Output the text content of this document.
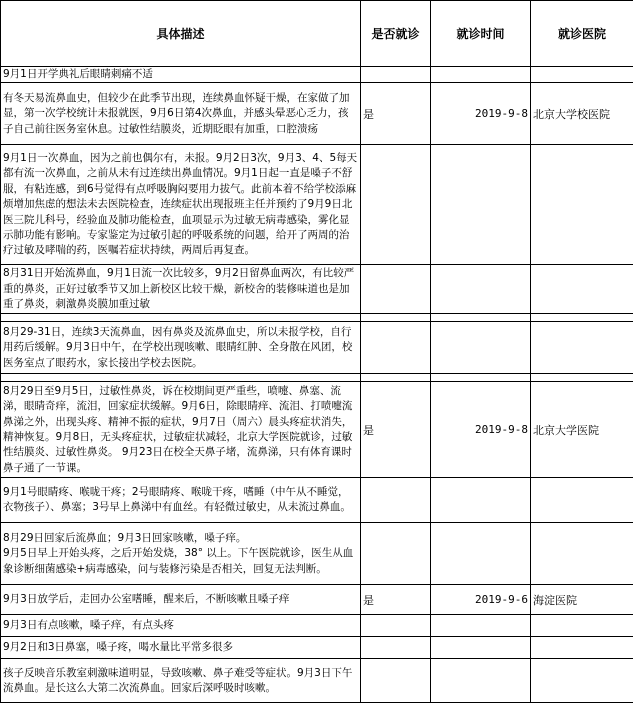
具体描述	是否就诊	就诊时间	就诊医院
9月1日开学典礼后眼睛刺痛不适			
有冬天易流鼻血史，但较少在此季节出现，连续鼻血怀疑干燥，在家做了加显，第一次学校统计未报就医，9月6日第4次鼻血，并感头晕恶心乏力，孩子自己前往医务室休息。过敏性结膜炎，近期眨眼有加重，口腔溃疡	是	2019-9-8	北京大学校医院
9月1日一次鼻血，因为之前也偶尔有，未报。9月2日3次，9月3、4、5每天都有流一次鼻血，之前从未有过连续出鼻血情况。9月1日起一直是嗓子不舒服，有粘连感，到6号觉得有点呼吸胸闷要用力拔气。此前本着不给学校添麻烦增加焦虑的想法未去医院检查，连续症状出现报班主任并预约了9月9日北医三院儿科号，经验血及肺功能检查，血项显示为过敏无病毒感染，雾化显示肺功能有影响。专家鉴定为过敏引起的呼吸系统的问题，给开了两周的治疗过敏及哮喘的药，医嘱若症状持续，两周后再复查。			
8月31日开始流鼻血，9月1日流一次比较多，9月2日留鼻血两次，有比较严重的鼻炎，正好过敏季节又加上新校区比较干燥，新校舍的装修味道也是加重了鼻炎，刺激鼻炎膜加重过敏			

8月29-31日，连续3天流鼻血，因有鼻炎及流鼻血史，所以未报学校，自行用药后缓解。9月3日中午，在学校出现咳嗽、眼睛红肿、全身散在风团，校医务室点了眼药水，家长接出学校去医院。			

8月29日至9月5日，过敏性鼻炎，诉在校期间更严重些，喷嚏、鼻塞、流涕，眼睛奇痒，流泪，回家症状缓解。9月6日，除眼睛痒、流泪、打喷嚏流鼻涕之外，出现头疼、精神不振的症状，9月7日（周六）晨头疼症状消失，精神恢复。9月8日，无头疼症状，过敏症状减轻，北京大学医院就诊，过敏性结膜炎、过敏性鼻炎。 9月23日在校全天鼻子堵，流鼻涕，只有体育课时鼻子通了一节课。	是	2019-9-8	北京大学医院
9月1号眼睛疼、喉咙干疼；2号眼睛疼、喉咙干疼，嗜睡（中午从不睡觉，衣物孩子）、鼻塞；3号早上鼻涕中有血丝。有轻微过敏史，从未流过鼻血。			
8月29日回家后流鼻血；9月3日回家咳嗽，嗓子痒。
9月5日早上开始头疼，之后开始发烧，38° 以上。下午医院就诊，医生从血象诊断细菌感染+病毒感染，问与装修污染是否相关，回复无法判断。			
9月3日放学后，走回办公室嗜睡，醒来后，不断咳嗽且嗓子痒	是	2019-9-6	海淀医院
9月3日有点咳嗽，嗓子痒，有点头疼			
9月2日和3日鼻塞，嗓子疼，喝水量比平常多很多			
孩子反映音乐教室刺激味道明显，导致咳嗽、鼻子难受等症状。9月3日下午流鼻血。是长这么大第二次流鼻血。回家后深呼吸时咳嗽。			
